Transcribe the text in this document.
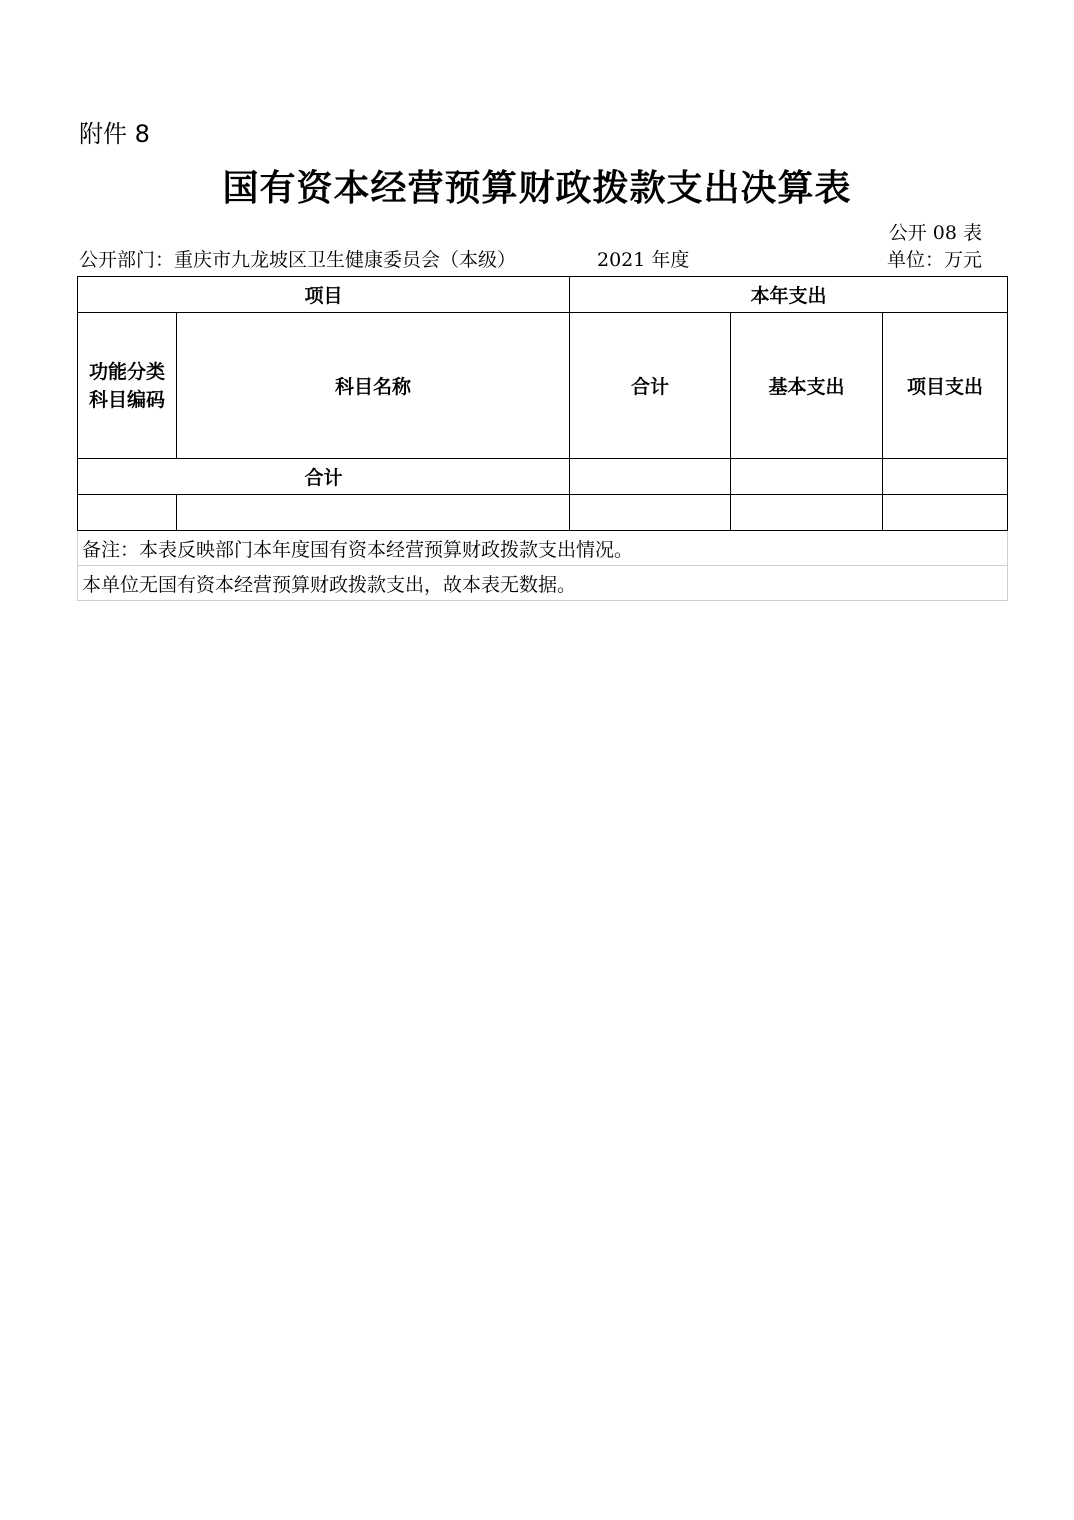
附件 8
国有资本经营预算财政拨款支出决算表
公开 08 表
公开部门：重庆市九龙坡区卫生健康委员会（本级）	2021 年度	单位：万元
项目		本年支出		

功能分类
科目编码	科目名称	合计	基本支出	项目支出
合计				

备注：本表反映部门本年度国有资本经营预算财政拨款支出情况。				
本单位无国有资本经营预算财政拨款支出，故本表无数据。				
